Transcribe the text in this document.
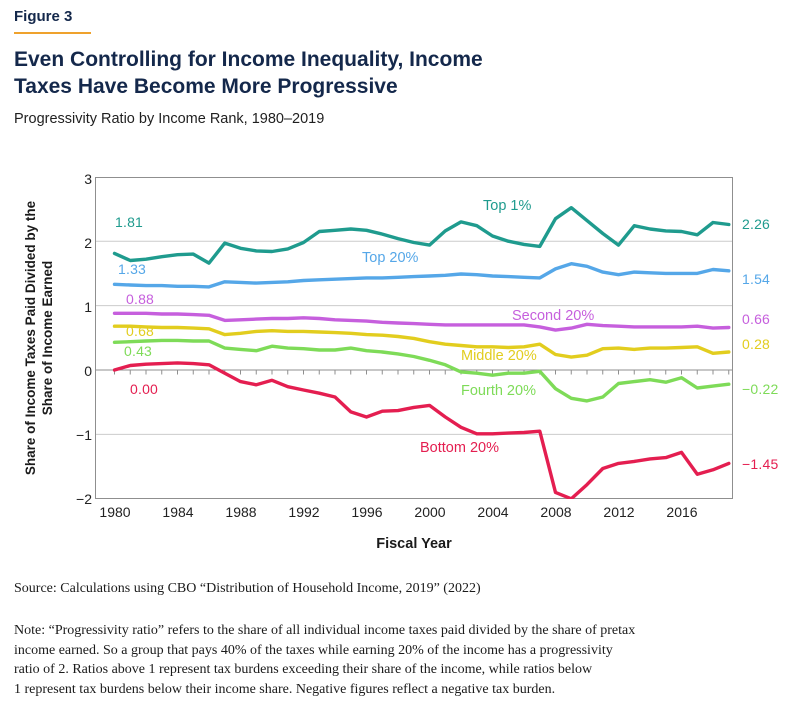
Figure 3
Even Controlling for Income Inequality, Income
Taxes Have Become More Progressive
Progressivity Ratio by Income Rank, 1980–2019
Share of Income Taxes Paid Divided by the Share of Income Earned
3
2
1
0
−1
−2
1.81
1.33
0.88
0.68
0.43
0.00
2.26
1.54
0.66
0.28
−0.22
−1.45
Top 1%
Top 20%
Second 20%
Middle 20%
Fourth 20%
Bottom 20%
1980	1984	1988	1992	1996	2000	2004	2008	2012	2016
Fiscal Year
Source: Calculations using CBO “Distribution of Household Income, 2019” (2022)
Note: “Progressivity ratio” refers to the share of all individual income taxes paid divided by the share of pretax
income earned. So a group that pays 40% of the taxes while earning 20% of the income has a progressivity
ratio of 2. Ratios above 1 represent tax burdens exceeding their share of the income, while ratios below
1 represent tax burdens below their income share. Negative figures reflect a negative tax burden.
